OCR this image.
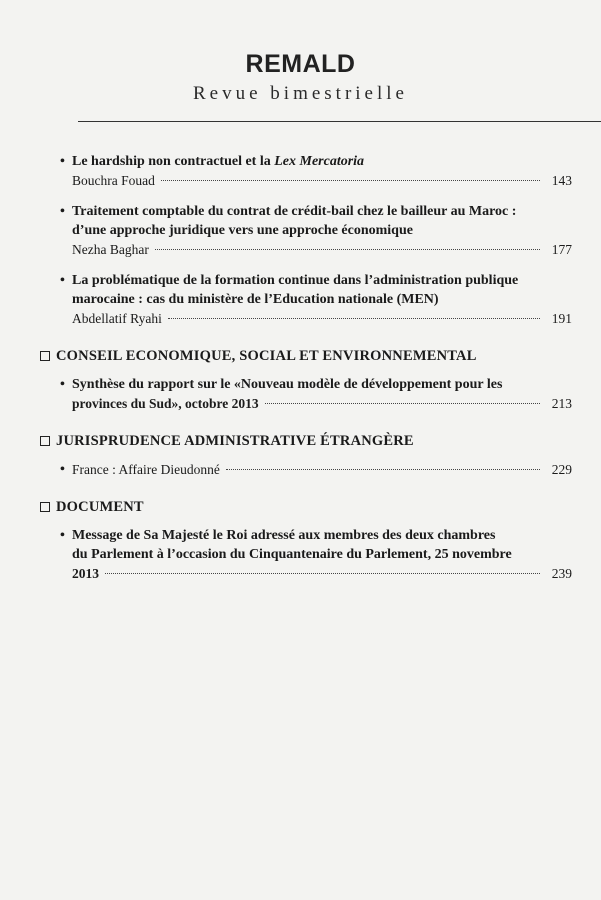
REMALD
Revue bimestrielle
• Le hardship non contractuel et la Lex Mercatoria
Bouchra Fouad	143
• Traitement comptable du contrat de crédit-bail chez le bailleur au Maroc :
d’une approche juridique vers une approche économique
Nezha Baghar	177
• La problématique de la formation continue dans l’administration publique
marocaine : cas du ministère de l’Education nationale (MEN)
Abdellatif Ryahi	191
CONSEIL ECONOMIQUE, SOCIAL ET ENVIRONNEMENTAL
• Synthèse du rapport sur le «Nouveau modèle de développement pour les
provinces du Sud», octobre 2013	213
JURISPRUDENCE ADMINISTRATIVE ÉTRANGÈRE
• France : Affaire Dieudonné	229
DOCUMENT
• Message de Sa Majesté le Roi adressé aux membres des deux chambres
du Parlement à l’occasion du Cinquantenaire du Parlement, 25 novembre
2013	239
